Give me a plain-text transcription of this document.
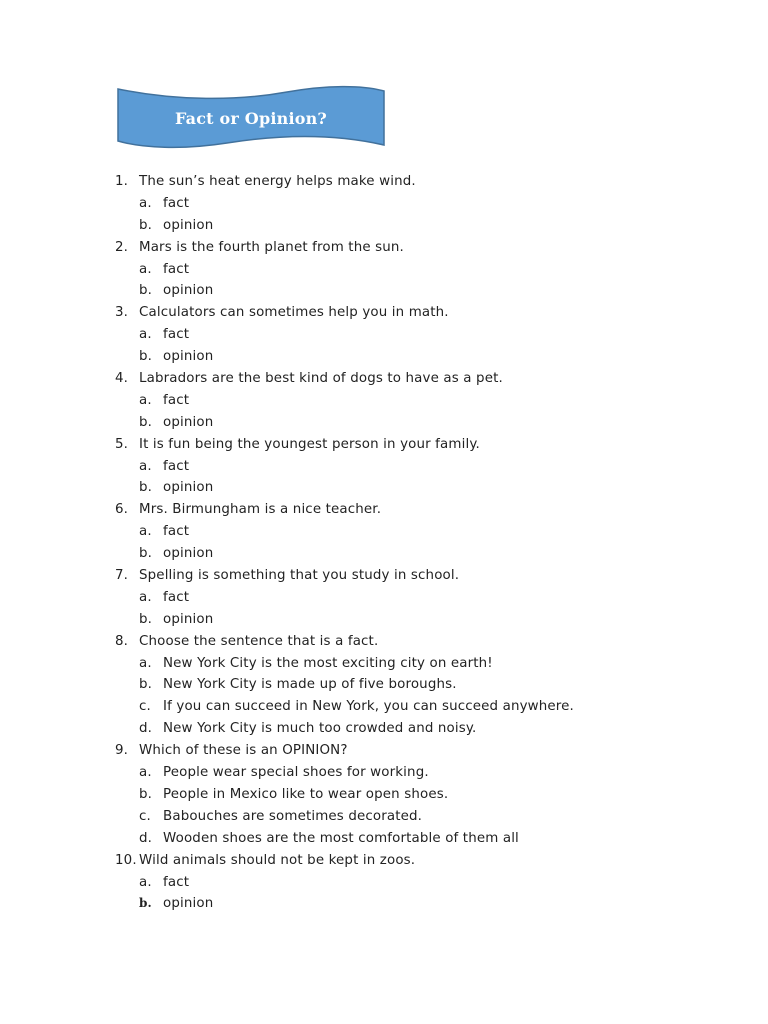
Fact or Opinion?
1. The sun’s heat energy helps make wind.
a. fact
b. opinion
2. Mars is the fourth planet from the sun.
a. fact
b. opinion
3. Calculators can sometimes help you in math.
a. fact
b. opinion
4. Labradors are the best kind of dogs to have as a pet.
a. fact
b. opinion
5. It is fun being the youngest person in your family.
a. fact
b. opinion
6. Mrs. Birmungham is a nice teacher.
a. fact
b. opinion
7. Spelling is something that you study in school.
a. fact
b. opinion
8. Choose the sentence that is a fact.
a. New York City is the most exciting city on earth!
b. New York City is made up of five boroughs.
c. If you can succeed in New York, you can succeed anywhere.
d. New York City is much too crowded and noisy.
9. Which of these is an OPINION?
a. People wear special shoes for working.
b. People in Mexico like to wear open shoes.
c. Babouches are sometimes decorated.
d. Wooden shoes are the most comfortable of them all
10. Wild animals should not be kept in zoos.
a. fact
b. opinion
